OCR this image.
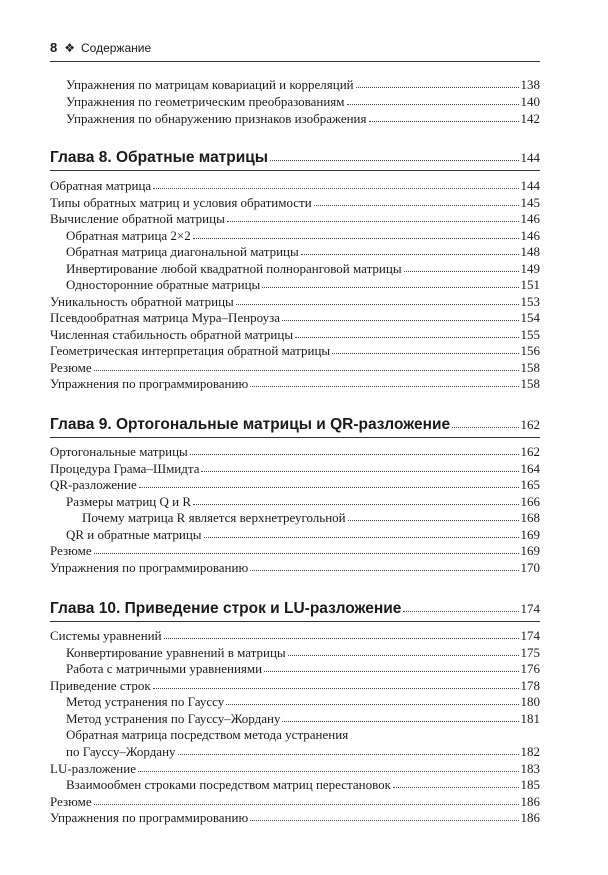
8 ❖ Содержание
Упражнения по матрицам ковариаций и корреляций	138
Упражнения по геометрическим преобразованиям	140
Упражнения по обнаружению признаков изображения	142
Глава 8. Обратные матрицы	144
Обратная матрица	144
Типы обратных матриц и условия обратимости	145
Вычисление обратной матрицы	146
Обратная матрица 2×2	146
Обратная матрица диагональной матрицы	148
Инвертирование любой квадратной полноранговой матрицы	149
Односторонние обратные матрицы	151
Уникальность обратной матрицы	153
Псевдообратная матрица Мура–Пенроуза	154
Численная стабильность обратной матрицы	155
Геометрическая интерпретация обратной матрицы	156
Резюме	158
Упражнения по программированию	158
Глава 9. Ортогональные матрицы и QR-разложение	162
Ортогональные матрицы	162
Процедура Грама–Шмидта	164
QR-разложение	165
Размеры матриц Q и R	166
Почему матрица R является верхнетреугольной	168
QR и обратные матрицы	169
Резюме	169
Упражнения по программированию	170
Глава 10. Приведение строк и LU-разложение	174
Системы уравнений	174
Конвертирование уравнений в матрицы	175
Работа с матричными уравнениями	176
Приведение строк	178
Метод устранения по Гауссу	180
Метод устранения по Гауссу–Жордану	181
Обратная матрица посредством метода устранения
по Гауссу–Жордану	182
LU-разложение	183
Взаимообмен строками посредством матриц перестановок	185
Резюме	186
Упражнения по программированию	186
